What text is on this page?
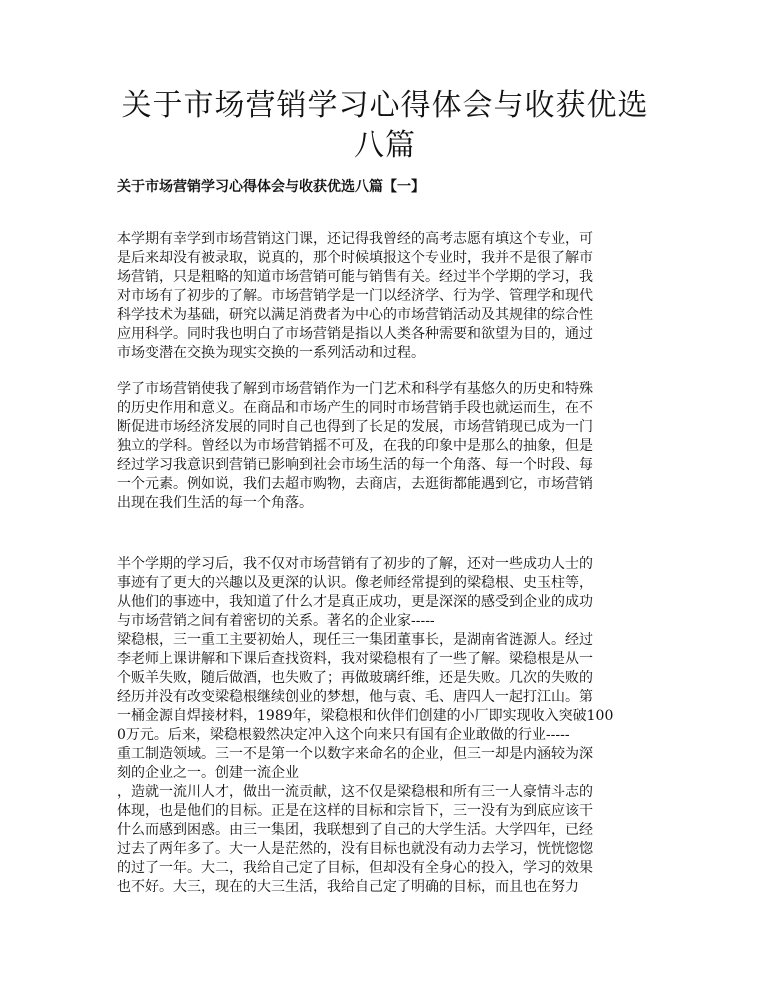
关于市场营销学习心得体会与收获优选
八篇
关于市场营销学习心得体会与收获优选八篇【一】
本学期有幸学到市场营销这门课，还记得我曾经的高考志愿有填这个专业，可
是后来却没有被录取，说真的，那个时候填报这个专业时，我并不是很了解市
场营销，只是粗略的知道市场营销可能与销售有关。经过半个学期的学习，我
对市场有了初步的了解。市场营销学是一门以经济学、行为学、管理学和现代
科学技术为基础，研究以满足消费者为中心的市场营销活动及其规律的综合性
应用科学。同时我也明白了市场营销是指以人类各种需要和欲望为目的，通过
市场变潜在交换为现实交换的一系列活动和过程。
学了市场营销使我了解到市场营销作为一门艺术和科学有基悠久的历史和特殊
的历史作用和意义。在商品和市场产生的同时市场营销手段也就运而生，在不
断促进市场经济发展的同时自己也得到了长足的发展，市场营销现已成为一门
独立的学科。曾经以为市场营销摇不可及，在我的印象中是那么的抽象，但是
经过学习我意识到营销已影响到社会市场生活的每一个角落、每一个时段、每
一个元素。例如说，我们去超市购物，去商店，去逛街都能遇到它，市场营销
出现在我们生活的每一个角落。
半个学期的学习后，我不仅对市场营销有了初步的了解，还对一些成功人士的
事迹有了更大的兴趣以及更深的认识。像老师经常提到的梁稳根、史玉柱等，
从他们的事迹中，我知道了什么才是真正成功，更是深深的感受到企业的成功
与市场营销之间有着密切的关系。著名的企业家-----
梁稳根，三一重工主要初始人，现任三一集团董事长，是湖南省涟源人。经过
李老师上课讲解和下课后查找资料，我对梁稳根有了一些了解。梁稳根是从一
个贩羊失败，随后做酒，也失败了；再做玻璃纤维，还是失败。几次的失败的
经历并没有改变梁稳根继续创业的梦想，他与袁、毛、唐四人一起打江山。第
一桶金源自焊接材料，1989年，梁稳根和伙伴们创建的小厂即实现收入突破100
0万元。后来，梁稳根毅然决定冲入这个向来只有国有企业敢做的行业-----
重工制造领域。三一不是第一个以数字来命名的企业，但三一却是内涵较为深
刻的企业之一。创建一流企业
，造就一流川人才，做出一流贡献，这不仅是梁稳根和所有三一人豪情斗志的
体现，也是他们的目标。正是在这样的目标和宗旨下，三一没有为到底应该干
什么而感到困惑。由三一集团，我联想到了自己的大学生活。大学四年，已经
过去了两年多了。大一人是茫然的，没有目标也就没有动力去学习，恍恍惚惚
的过了一年。大二，我给自己定了目标，但却没有全身心的投入，学习的效果
也不好。大三，现在的大三生活，我给自己定了明确的目标，而且也在努力
